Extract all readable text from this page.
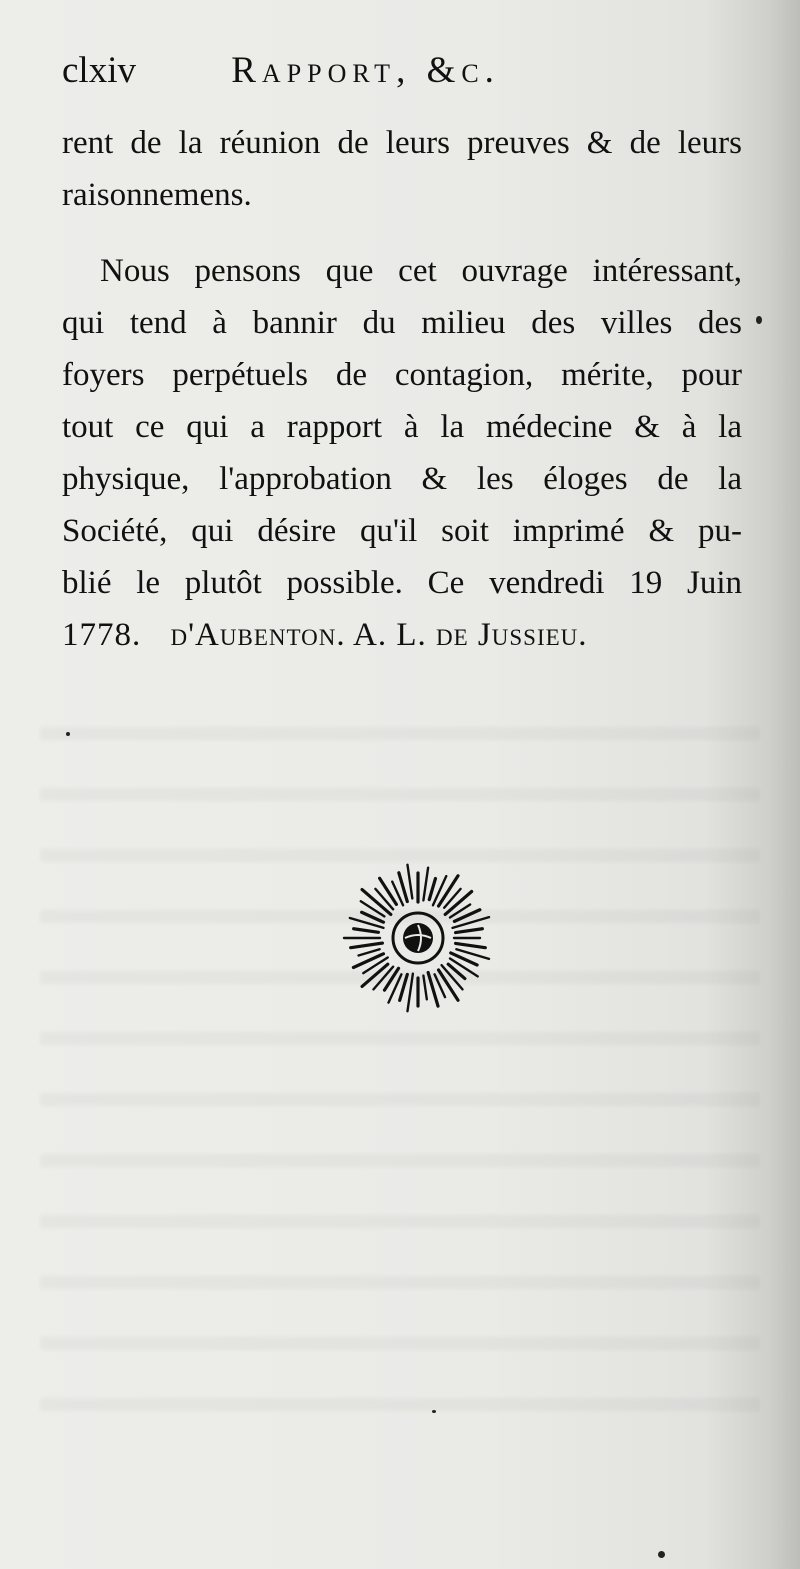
clxiv	Rapport, &c.
rent de la réunion de leurs preuves & de leurs
raisonnemens.
Nous pensons que cet ouvrage intéressant,
qui tend à bannir du milieu des villes des
foyers perpétuels de contagion, mérite, pour
tout ce qui a rapport à la médecine & à la
physique, l'approbation & les éloges de la
Société, qui désire qu'il soit imprimé & pu-
blié le plutôt possible. Ce vendredi 19 Juin
1778. d'Aubenton. A. L. de Jussieu.
